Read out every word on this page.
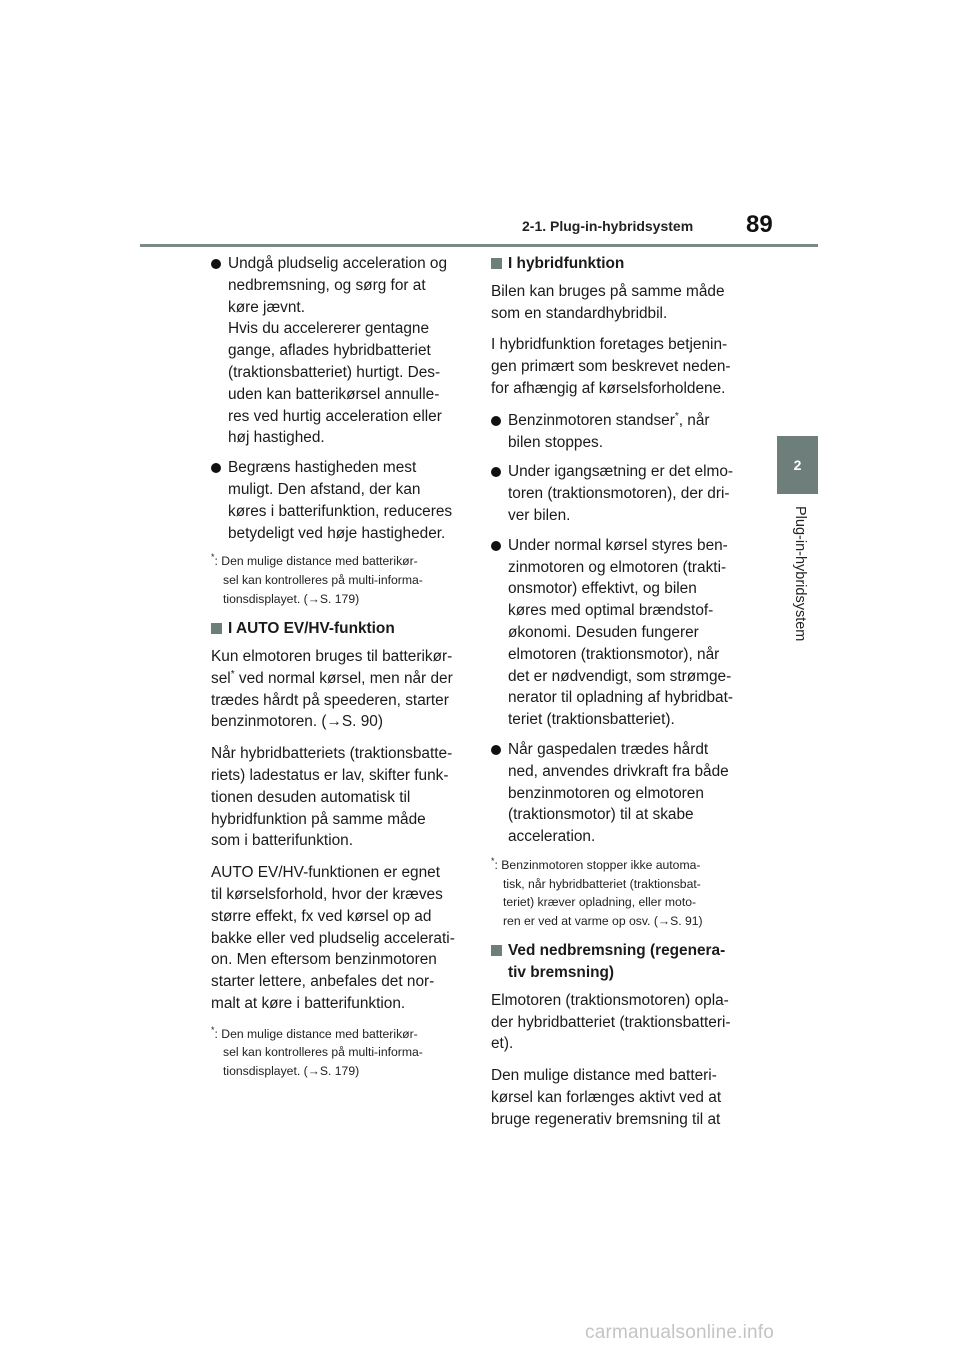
2-1. Plug-in-hybridsystem 89
2
Plug-in-hybridsystem

Undgå pludselig acceleration og
nedbremsning, og sørg for at
køre jævnt.
Hvis du accelererer gentagne
gange, aflades hybridbatteriet
(traktionsbatteriet) hurtigt. Des-
uden kan batterikørsel annulle-
res ved hurtig acceleration eller
høj hastighed.

Begræns hastigheden mest
muligt. Den afstand, der kan
køres i batterifunktion, reduceres
betydeligt ved høje hastigheder.

*: Den mulige distance med batterikør-
sel kan kontrolleres på multi-informa-
tionsdisplayet. (→S. 179)
I AUTO EV/HV-funktion

Kun elmotoren bruges til batterikør-
sel* ved normal kørsel, men når der
trædes hårdt på speederen, starter
benzinmotoren. (→S. 90)

Når hybridbatteriets (traktionsbatte-
riets) ladestatus er lav, skifter funk-
tionen desuden automatisk til
hybridfunktion på samme måde
som i batterifunktion.

AUTO EV/HV-funktionen er egnet
til kørselsforhold, hvor der kræves
større effekt, fx ved kørsel op ad
bakke eller ved pludselig accelerati-
on. Men eftersom benzinmotoren
starter lettere, anbefales det nor-
malt at køre i batterifunktion.

*: Den mulige distance med batterikør-
sel kan kontrolleres på multi-informa-
tionsdisplayet. (→S. 179)
I hybridfunktion

Bilen kan bruges på samme måde
som en standardhybridbil.

I hybridfunktion foretages betjenin-
gen primært som beskrevet neden-
for afhængig af kørselsforholdene.

Benzinmotoren standser*, når
bilen stoppes.

Under igangsætning er det elmo-
toren (traktionsmotoren), der dri-
ver bilen.

Under normal kørsel styres ben-
zinmotoren og elmotoren (trakti-
onsmotor) effektivt, og bilen
køres med optimal brændstof-
økonomi. Desuden fungerer
elmotoren (traktionsmotor), når
det er nødvendigt, som strømge-
nerator til opladning af hybridbat-
teriet (traktionsbatteriet).

Når gaspedalen trædes hårdt
ned, anvendes drivkraft fra både
benzinmotoren og elmotoren
(traktionsmotor) til at skabe
acceleration.

*: Benzinmotoren stopper ikke automa-
tisk, når hybridbatteriet (traktionsbat-
teriet) kræver opladning, eller moto-
ren er ved at varme op osv. (→S. 91)
Ved nedbremsning (regenera-
tiv bremsning)

Elmotoren (traktionsmotoren) opla-
der hybridbatteriet (traktionsbatteri-
et).

Den mulige distance med batteri-
kørsel kan forlænges aktivt ved at
bruge regenerativ bremsning til at

carmanualsonline.info
